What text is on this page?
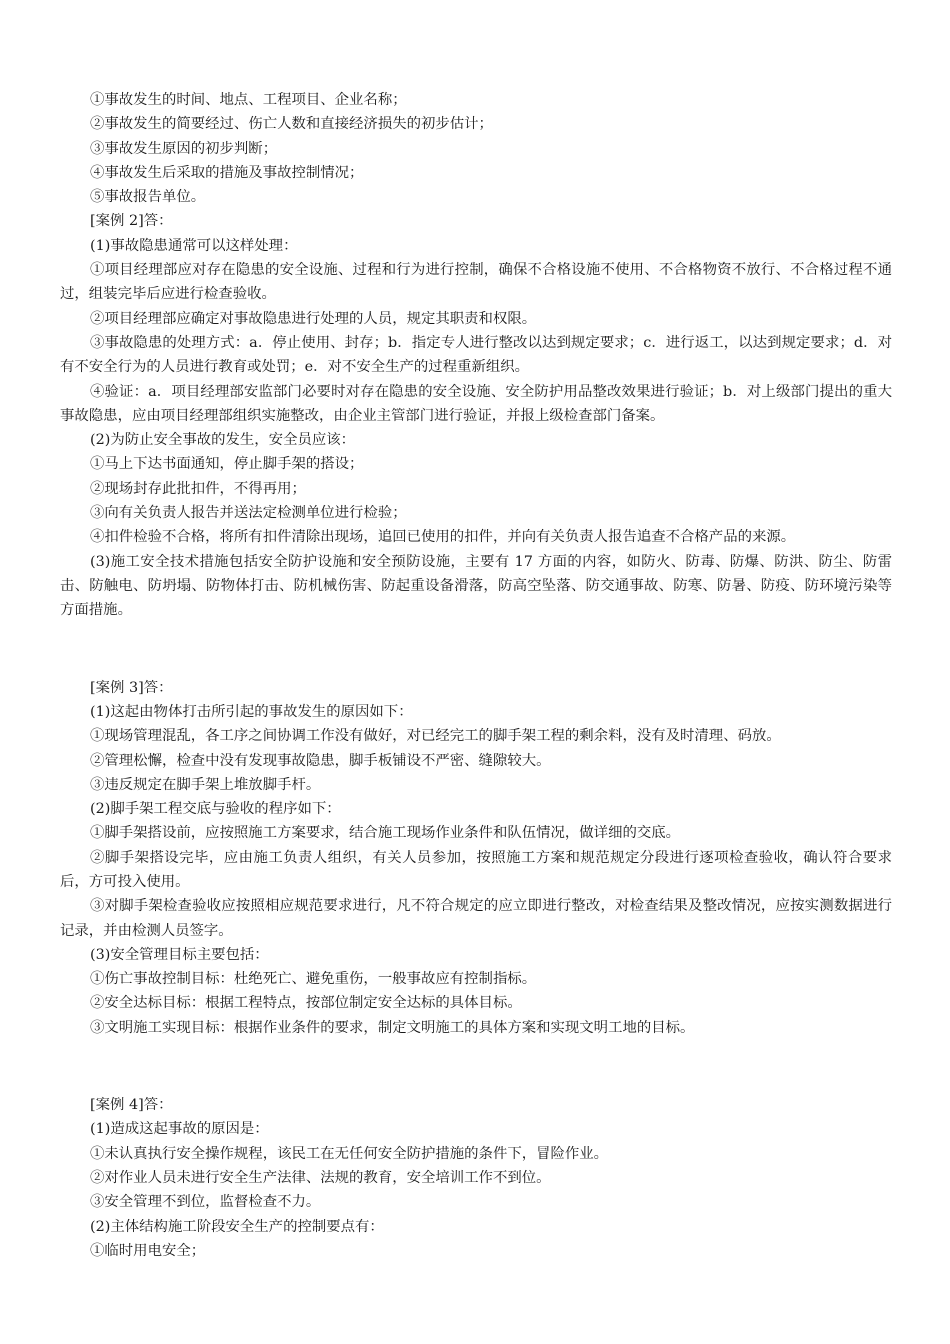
①事故发生的时间、地点、工程项目、企业名称；

②事故发生的简要经过、伤亡人数和直接经济损失的初步估计；

③事故发生原因的初步判断；

④事故发生后采取的措施及事故控制情况；

⑤事故报告单位。

[案例 2]答：

(1)事故隐患通常可以这样处理：

①项目经理部应对存在隐患的安全设施、过程和行为进行控制，确保不合格设施不使用、不合格物资不放行、不合格过程不通过，组装完毕后应进行检查验收。

②项目经理部应确定对事故隐患进行处理的人员，规定其职责和权限。

③事故隐患的处理方式：a．停止使用、封存；b．指定专人进行整改以达到规定要求；c．进行返工，以达到规定要求；d．对有不安全行为的人员进行教育或处罚；e．对不安全生产的过程重新组织。

④验证：a．项目经理部安监部门必要时对存在隐患的安全设施、安全防护用品整改效果进行验证；b．对上级部门提出的重大事故隐患，应由项目经理部组织实施整改，由企业主管部门进行验证，并报上级检查部门备案。

(2)为防止安全事故的发生，安全员应该：

①马上下达书面通知，停止脚手架的搭设；

②现场封存此批扣件，不得再用；

③向有关负责人报告并送法定检测单位进行检验；

④扣件检验不合格，将所有扣件清除出现场，追回已使用的扣件，并向有关负责人报告追查不合格产品的来源。

(3)施工安全技术措施包括安全防护设施和安全预防设施，主要有 17 方面的内容，如防火、防毒、防爆、防洪、防尘、防雷击、防触电、防坍塌、防物体打击、防机械伤害、防起重设备滑落，防高空坠落、防交通事故、防寒、防暑、防疫、防环境污染等方面措施。

[案例 3]答：

(1)这起由物体打击所引起的事故发生的原因如下：

①现场管理混乱，各工序之间协调工作没有做好，对已经完工的脚手架工程的剩余料，没有及时清理、码放。

②管理松懈，检查中没有发现事故隐患，脚手板铺设不严密、缝隙较大。

③违反规定在脚手架上堆放脚手杆。

(2)脚手架工程交底与验收的程序如下：

①脚手架搭设前，应按照施工方案要求，结合施工现场作业条件和队伍情况，做详细的交底。

②脚手架搭设完毕，应由施工负责人组织，有关人员参加，按照施工方案和规范规定分段进行逐项检查验收，确认符合要求后，方可投入使用。

③对脚手架检查验收应按照相应规范要求进行，凡不符合规定的应立即进行整改，对检查结果及整改情况，应按实测数据进行记录，并由检测人员签字。

(3)安全管理目标主要包括：

①伤亡事故控制目标：杜绝死亡、避免重伤，一般事故应有控制指标。

②安全达标目标：根据工程特点，按部位制定安全达标的具体目标。

③文明施工实现目标：根据作业条件的要求，制定文明施工的具体方案和实现文明工地的目标。

[案例 4]答：

(1)造成这起事故的原因是：

①未认真执行安全操作规程，该民工在无任何安全防护措施的条件下，冒险作业。

②对作业人员未进行安全生产法律、法规的教育，安全培训工作不到位。

③安全管理不到位，监督检查不力。

(2)主体结构施工阶段安全生产的控制要点有：

①临时用电安全；
